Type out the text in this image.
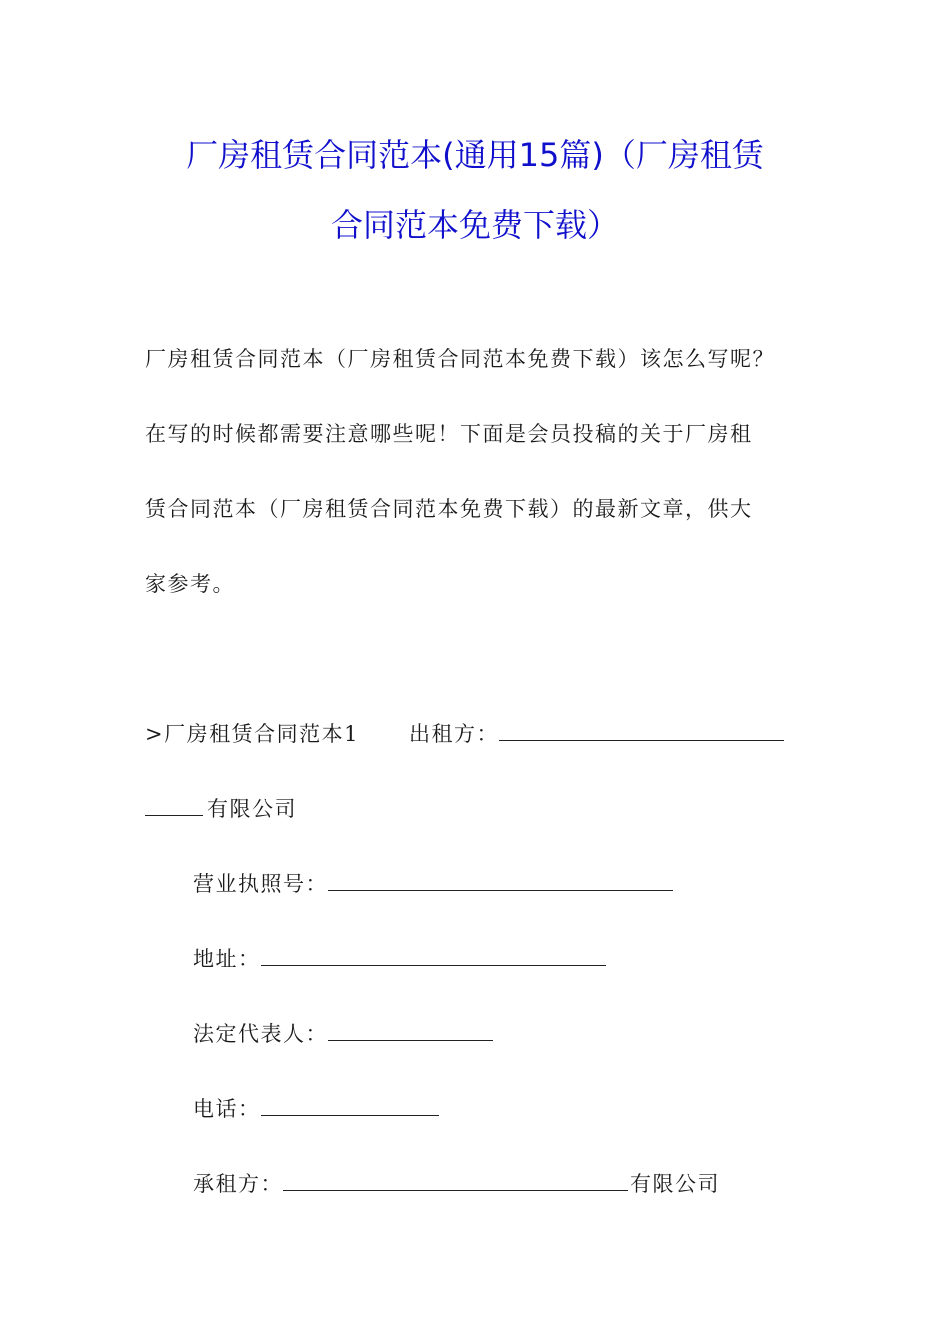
厂房租赁合同范本(通用15篇)（厂房租赁
合同范本免费下载）
厂房租赁合同范本（厂房租赁合同范本免费下载）该怎么写呢？
在写的时候都需要注意哪些呢！下面是会员投稿的关于厂房租
赁合同范本（厂房租赁合同范本免费下载）的最新文章，供大
家参考。
>厂房租赁合同范本1 出租方：
有限公司
营业执照号：
地址：
法定代表人：
电话：
承租方：	有限公司
